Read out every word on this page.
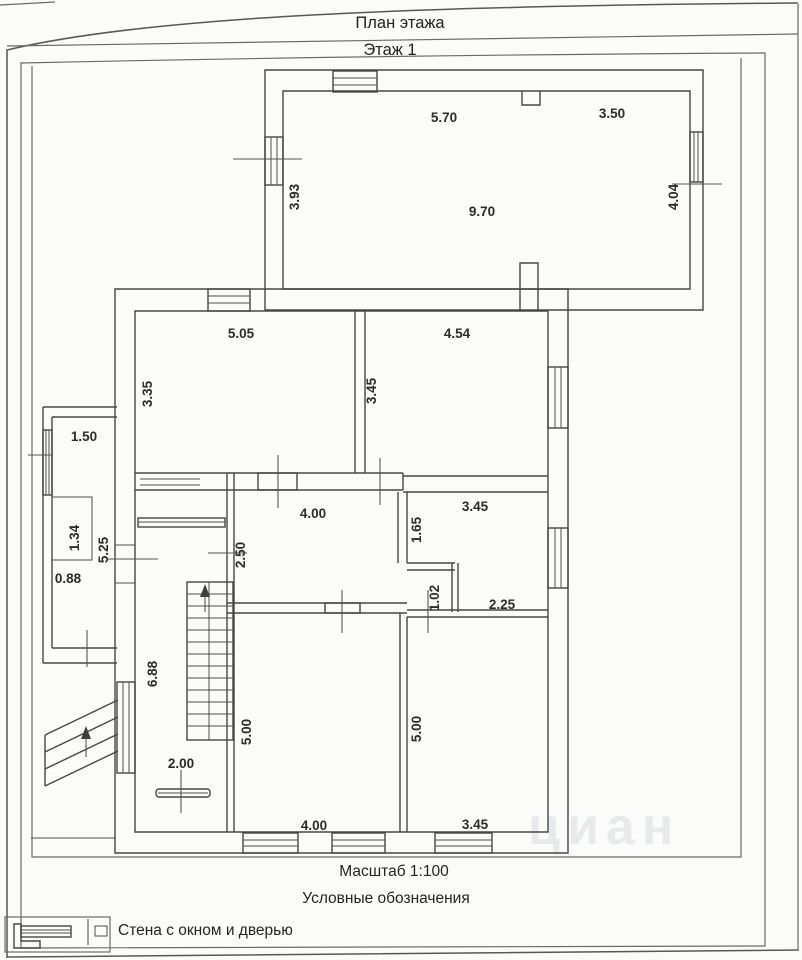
циан
План этажа
Этаж 1
5.70	3.50
3.93
9.70
4.04
5.05	4.54
3.35	3.45
1.50
1.34 5.25
0.88
4.00
2.50
3.45
1.65
1.02	2.25
6.88
5.00	5.00
2.00
4.00	3.45
Масштаб 1:100
Условные обозначения
Стена с окном и дверью
